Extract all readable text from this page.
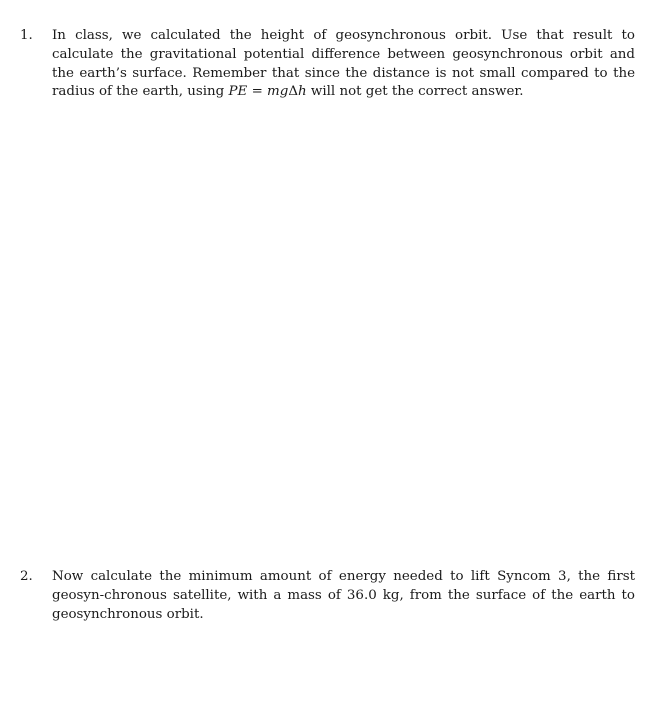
1.	In class, we calculated the height of geosynchronous orbit. Use that result to calculate the gravitational potential difference between geosynchronous orbit and the earth’s surface. Remember that since the distance is not small compared to the radius of the earth, using PE = mgΔh will not get the correct answer.
2.	Now calculate the minimum amount of energy needed to lift Syncom 3, the first geosyn-chronous satellite, with a mass of 36.0 kg, from the surface of the earth to geosynchronous orbit.
